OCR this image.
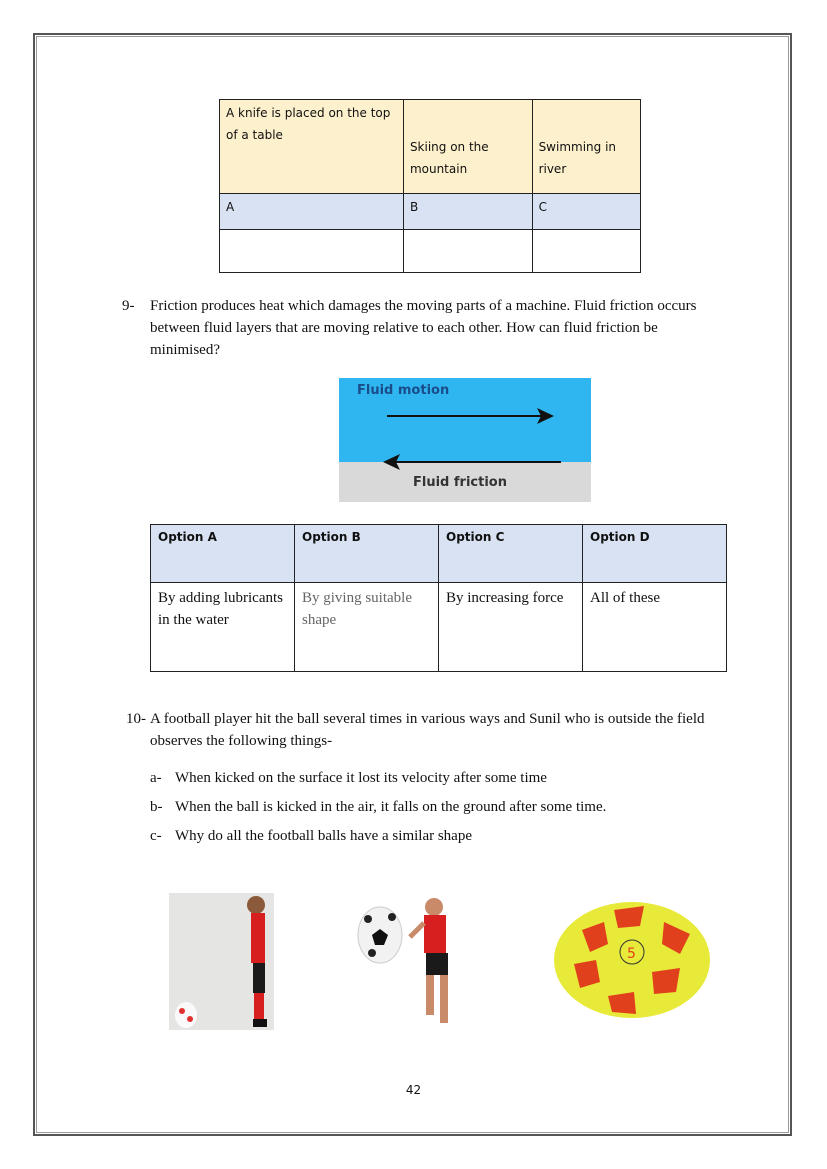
A knife is placed on the top of a table	Skiing on the mountain	Swimming in river
A	B	C

9- Friction produces heat which damages the moving parts of a machine. Fluid friction occurs between fluid layers that are moving relative to each other. How can fluid friction be minimised?
Fluid motion
Fluid friction
Option A	Option B	Option C	Option D
By adding lubricants in the water	By giving suitable shape	By increasing force	All of these
10- A football player hit the ball several times in various ways and Sunil who is outside the field observes the following things-
a- When kicked on the surface it lost its velocity after some time
b- When the ball is kicked in the air, it falls on the ground after some time.
c- Why do all the football balls have a similar shape
5
42
